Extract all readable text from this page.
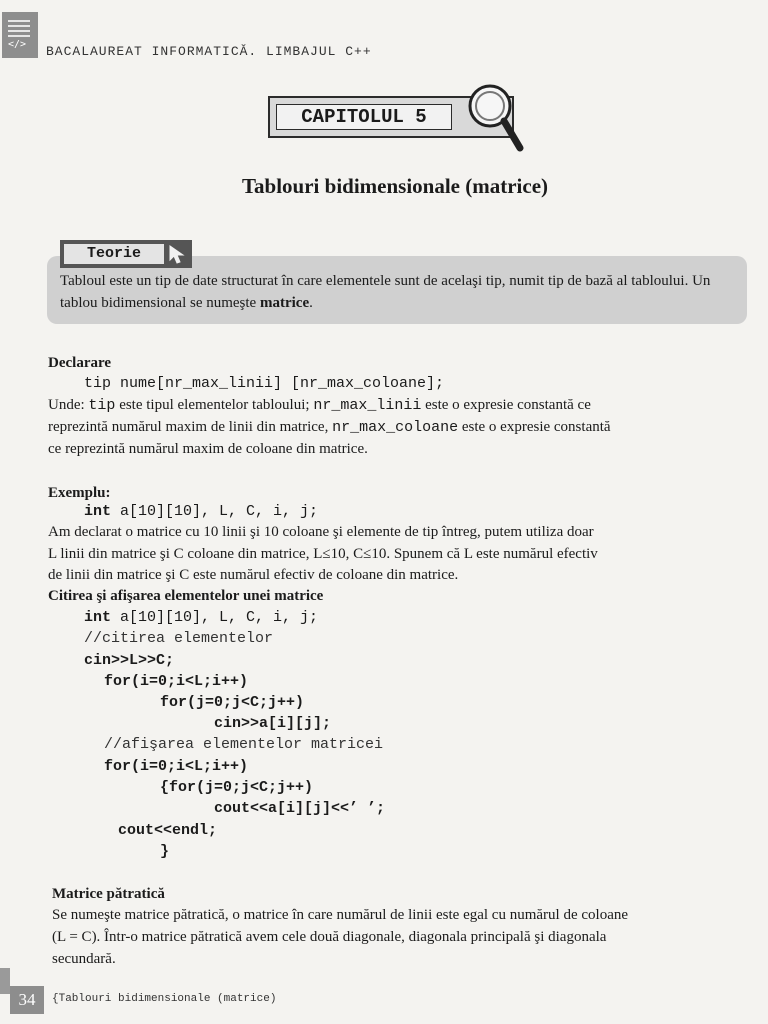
</> BACALAUREAT INFORMATICĂ. LIMBAJUL C++
CAPITOLUL 5
Tablouri bidimensionale (matrice)
Teorie
Tabloul este un tip de date structurat în care elementele sunt de acelaşi tip, numit tip de bază al tabloului. Un tablou bidimensional se numeşte matrice.
Declarare
tip nume[nr_max_linii] [nr_max_coloane];
Unde: tip este tipul elementelor tabloului; nr_max_linii este o expresie constantă ce
reprezintă numărul maxim de linii din matrice, nr_max_coloane este o expresie constantă
ce reprezintă numărul maxim de coloane din matrice.
Exemplu:
int a[10][10], L, C, i, j;
Am declarat o matrice cu 10 linii şi 10 coloane şi elemente de tip întreg, putem utiliza doar
L linii din matrice şi C coloane din matrice, L≤10, C≤10. Spunem că L este numărul efectiv
de linii din matrice şi C este numărul efectiv de coloane din matrice.
Citirea şi afişarea elementelor unei matrice
int a[10][10], L, C, i, j;
//citirea elementelor
cin>>L>>C;
for(i=0;i<L;i++)
for(j=0;j<C;j++)
cin>>a[i][j];
//afişarea elementelor matricei
for(i=0;i<L;i++)
{for(j=0;j<C;j++)
cout<<a[i][j]<<’ ’;
cout<<endl;
}
Matrice pătratică
Se numeşte matrice pătratică, o matrice în care numărul de linii este egal cu numărul de coloane
(L = C). Într-o matrice pătratică avem cele două diagonale, diagonala principală şi diagonala
secundară.
34	{Tablouri bidimensionale (matrice)
